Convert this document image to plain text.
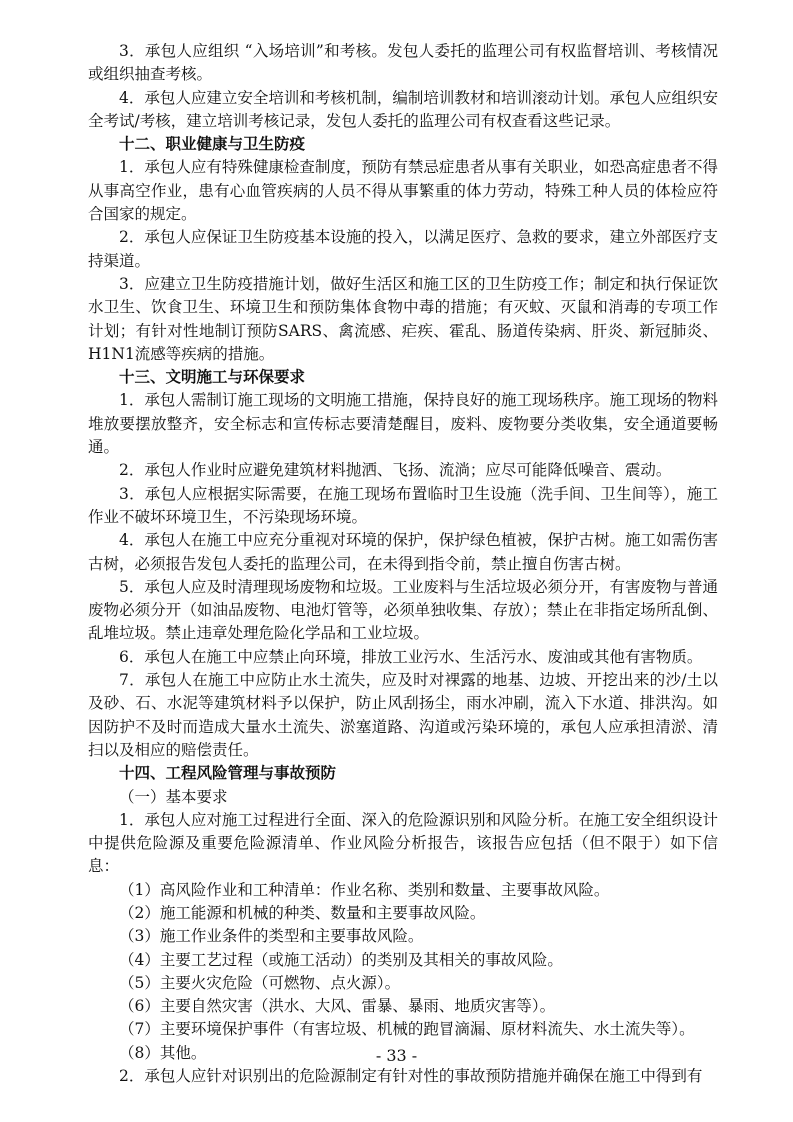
3．承包人应组织 “入场培训”和考核。发包人委托的监理公司有权监督培训、考核情况或组织抽查考核。

4．承包人应建立安全培训和考核机制，编制培训教材和培训滚动计划。承包人应组织安全考试/考核，建立培训考核记录，发包人委托的监理公司有权查看这些记录。

十二、职业健康与卫生防疫

1．承包人应有特殊健康检查制度，预防有禁忌症患者从事有关职业，如恐高症患者不得从事高空作业，患有心血管疾病的人员不得从事繁重的体力劳动，特殊工种人员的体检应符合国家的规定。

2．承包人应保证卫生防疫基本设施的投入，以满足医疗、急救的要求，建立外部医疗支持渠道。

3．应建立卫生防疫措施计划，做好生活区和施工区的卫生防疫工作；制定和执行保证饮水卫生、饮食卫生、环境卫生和预防集体食物中毒的措施；有灭蚊、灭鼠和消毒的专项工作计划；有针对性地制订预防SARS、禽流感、疟疾、霍乱、肠道传染病、肝炎、新冠肺炎、H1N1流感等疾病的措施。

十三、文明施工与环保要求

1．承包人需制订施工现场的文明施工措施，保持良好的施工现场秩序。施工现场的物料堆放要摆放整齐，安全标志和宣传标志要清楚醒目，废料、废物要分类收集，安全通道要畅通。

2．承包人作业时应避免建筑材料抛洒、飞扬、流淌；应尽可能降低噪音、震动。

3．承包人应根据实际需要，在施工现场布置临时卫生设施（洗手间、卫生间等），施工作业不破坏环境卫生，不污染现场环境。

4．承包人在施工中应充分重视对环境的保护，保护绿色植被，保护古树。施工如需伤害古树，必须报告发包人委托的监理公司，在未得到指令前，禁止擅自伤害古树。

5．承包人应及时清理现场废物和垃圾。工业废料与生活垃圾必须分开，有害废物与普通废物必须分开（如油品废物、电池灯管等，必须单独收集、存放）；禁止在非指定场所乱倒、乱堆垃圾。禁止违章处理危险化学品和工业垃圾。

6．承包人在施工中应禁止向环境，排放工业污水、生活污水、废油或其他有害物质。

7．承包人在施工中应防止水土流失，应及时对裸露的地基、边坡、开挖出来的沙/土以及砂、石、水泥等建筑材料予以保护，防止风刮扬尘，雨水冲刷，流入下水道、排洪沟。如因防护不及时而造成大量水土流失、淤塞道路、沟道或污染环境的，承包人应承担清淤、清扫以及相应的赔偿责任。

十四、工程风险管理与事故预防

（一）基本要求

1．承包人应对施工过程进行全面、深入的危险源识别和风险分析。在施工安全组织设计中提供危险源及重要危险源清单、作业风险分析报告，该报告应包括（但不限于）如下信息：

（1）高风险作业和工种清单：作业名称、类别和数量、主要事故风险。

（2）施工能源和机械的种类、数量和主要事故风险。

（3）施工作业条件的类型和主要事故风险。

（4）主要工艺过程（或施工活动）的类别及其相关的事故风险。

（5）主要火灾危险（可燃物、点火源）。

（6）主要自然灾害（洪水、大风、雷暴、暴雨、地质灾害等）。

（7）主要环境保护事件（有害垃圾、机械的跑冒滴漏、原材料流失、水土流失等）。

（8）其他。

2．承包人应针对识别出的危险源制定有针对性的事故预防措施并确保在施工中得到有

- 33 -
